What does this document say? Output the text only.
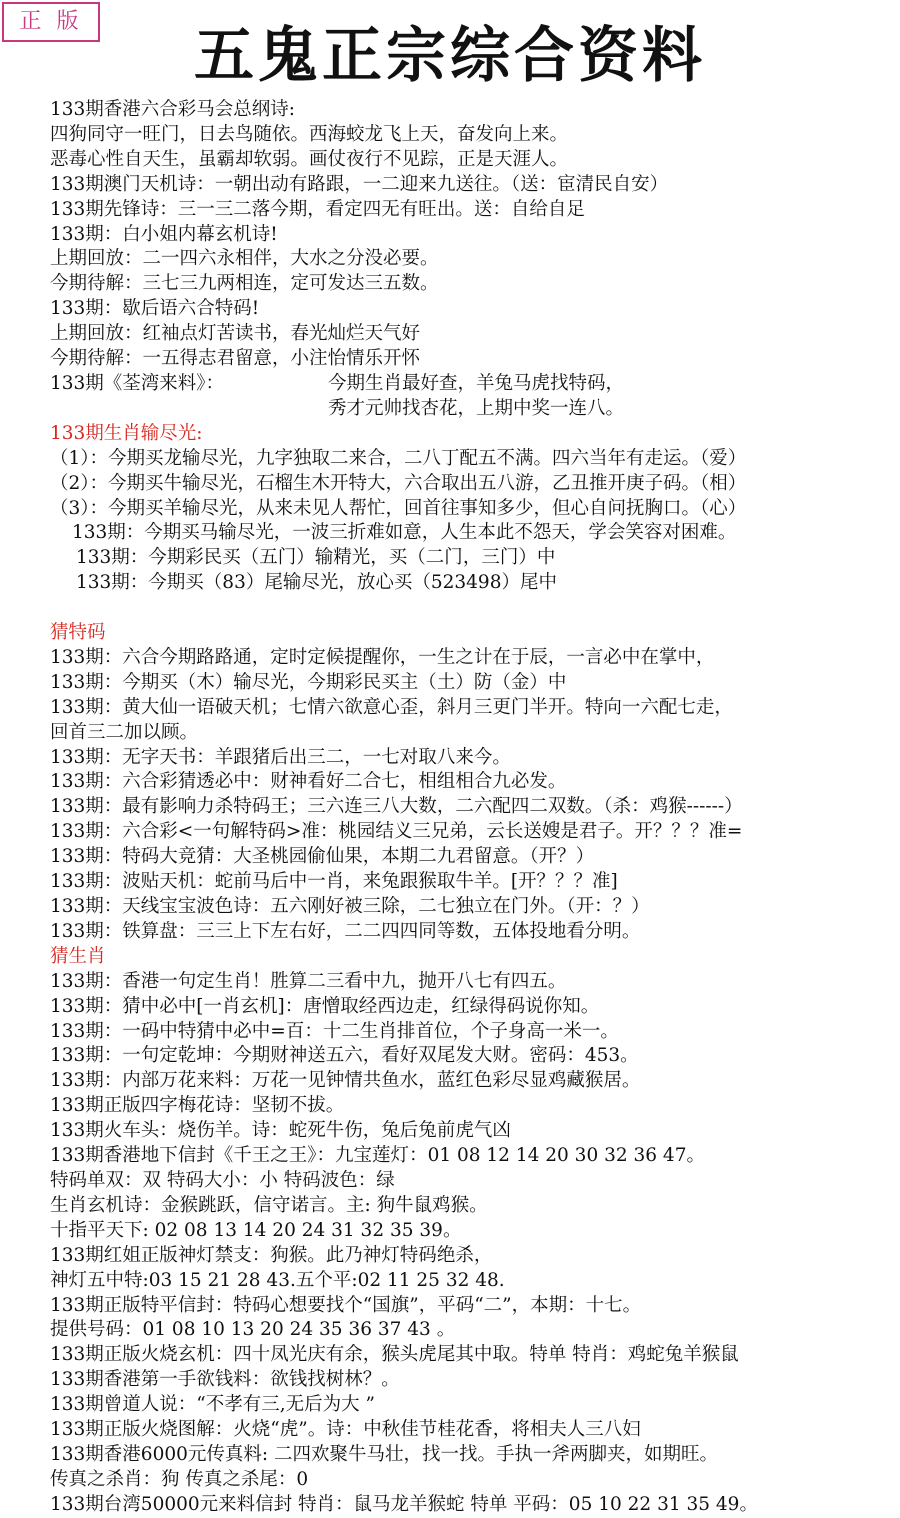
正 版	五鬼正宗综合资料
133期香港六合彩马会总纲诗:
四狗同守一旺门，日去鸟随依。西海蛟龙飞上天，奋发向上来。
恶毒心性自天生，虽霸却软弱。画仗夜行不见踪，正是天涯人。
133期澳门天机诗：一朝出动有路跟，一二迎来九送往。（送：宦清民自安）
133期先锋诗：三一三二落今期，看定四无有旺出。送：自给自足
133期：白小姐内幕玄机诗!
上期回放：二一四六永相伴，大水之分没必要。
今期待解：三七三九两相连，定可发达三五数。
133期：歇后语六合特码!
上期回放：红袖点灯苦读书，春光灿烂天气好
今期待解：一五得志君留意，小注怡情乐开怀
133期《荃湾来料》：	今期生肖最好查，羊兔马虎找特码，
秀才元帅找杏花，上期中奖一连八。
133期生肖输尽光:
（1）：今期买龙输尽光，九字独取二来合，二八丁配五不满。四六当年有走运。（爱）
（2）：今期买牛输尽光，石榴生木开特大，六合取出五八游，乙丑推开庚子码。（相）
（3）：今期买羊输尽光，从来未见人帮忙，回首往事知多少，但心自问抚胸口。（心）
133期：今期买马输尽光，一波三折难如意，人生本此不怨天，学会笑容对困难。
133期：今期彩民买（五门）输精光，买（二门，三门）中
133期：今期买（83）尾输尽光，放心买（523498）尾中

猜特码
133期：六合今期路路通，定时定候提醒你，一生之计在于辰，一言必中在掌中，
133期：今期买（木）输尽光，今期彩民买主（土）防（金）中
133期：黄大仙一语破天机；七情六欲意心歪，斜月三更门半开。特向一六配七走，
回首三二加以顾。
133期：无字天书：羊跟猪后出三二，一七对取八来今。
133期：六合彩猜透必中：财神看好二合七，相组相合九必发。
133期：最有影响力杀特码王；三六连三八大数，二六配四二双数。（杀：鸡猴------）
133期：六合彩<一句解特码>准：桃园结义三兄弟，云长送嫂是君子。开？？？准=
133期：特码大竞猜：大圣桃园偷仙果，本期二九君留意。（开？）
133期：波贴天机：蛇前马后中一肖，来兔跟猴取牛羊。[开？？？准]
133期：天线宝宝波色诗：五六刚好被三除，二七独立在门外。（开：？）
133期：铁算盘：三三上下左右好，二二四四同等数，五体投地看分明。
猜生肖
133期：香港一句定生肖！胜算二三看中九，抛开八七有四五。
133期：猜中必中[一肖玄机]：唐憎取经西边走，红绿得码说你知。
133期：一码中特猜中必中=百：十二生肖排首位，个子身高一米一。
133期：一句定乾坤：今期财神送五六，看好双尾发大财。密码：453。
133期：内部万花来料：万花一见钟情共鱼水，蓝红色彩尽显鸡藏猴居。
133期正版四字梅花诗：坚韧不拔。
133期火车头：烧伤羊。诗：蛇死牛伤，兔后兔前虎气凶
133期香港地下信封《千王之王》：九宝莲灯：01 08 12 14 20 30 32 36 47。
特码单双：双 特码大小：小 特码波色：绿
生肖玄机诗：金猴跳跃，信守诺言。主: 狗牛鼠鸡猴。
十指平天下: 02 08 13 14 20 24 31 32 35 39。
133期红姐正版神灯禁支：狗猴。此乃神灯特码绝杀，
神灯五中特:03 15 21 28 43.五个平:02 11 25 32 48.
133期正版特平信封：特码心想要找个“国旗”，平码“二”，本期：十七。
提供号码：01 08 10 13 20 24 35 36 37 43 。
133期正版火烧玄机：四十凤光庆有余，猴头虎尾其中取。特单 特肖：鸡蛇兔羊猴鼠
133期香港第一手欲钱料：欲钱找树林？。
133期曾道人说：“不孝有三,无后为大 ”
133期正版火烧图解：火烧“虎”。诗：中秋佳节桂花香，将相夫人三八妇
133期香港6000元传真料: 二四欢聚牛马壮，找一找。手执一斧两脚夹，如期旺。
传真之杀肖：狗 传真之杀尾：0
133期台湾50000元来料信封 特肖：鼠马龙羊猴蛇 特单 平码：05 10 22 31 35 49。
